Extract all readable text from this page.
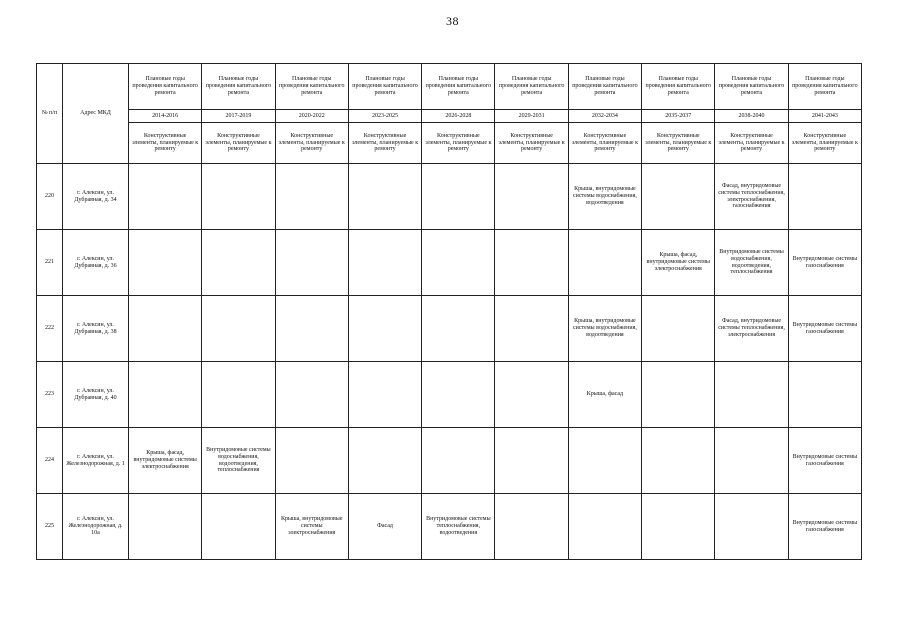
38
№ п/п	Адрес МКД	Плановые годы проведения капитального ремонта	Плановые годы проведения капитального ремонта	Плановые годы проведения капитального ремонта	Плановые годы проведения капитального ремонта	Плановые годы проведения капитального ремонта	Плановые годы проведения капитального ремонта	Плановые годы проведения капитального ремонта	Плановые годы проведения капитального ремонта	Плановые годы проведения капитального ремонта	Плановые годы проведения капитального ремонта
		2014-2016	2017-2019	2020-2022	2023-2025	2026-2028	2029-2031	2032-2034	2035-2037	2038-2040	2041-2043
		Конструктивные элементы, планируемые к ремонту	Конструктивные элементы, планируемые к ремонту	Конструктивные элементы, планируемые к ремонту	Конструктивные элементы, планируемые к ремонту	Конструктивные элементы, планируемые к ремонту	Конструктивные элементы, планируемые к ремонту	Конструктивные элементы, планируемые к ремонту	Конструктивные элементы, планируемые к ремонту	Конструктивные элементы, планируемые к ремонту	Конструктивные элементы, планируемые к ремонту
220	г. Алексин, ул. Дубравная, д. 34							Крыша, внутридомовые системы водоснабжения, водоотведения		Фасад, внутридомовые системы теплоснабжения, электроснабжения, газоснабжения	
221	г. Алексин, ул. Дубравная, д. 36								Крыша, фасад, внутридомовые системы электроснабжения	Внутридомовые системы водоснабжения, водоотведения, теплоснабжения	Внутридомовые системы газоснабжения
222	г. Алексин, ул. Дубравная, д. 38							Крыша, внутридомовые системы водоснабжения, водоотведения		Фасад, внутридомовые системы теплоснабжения, электроснабжения	Внутридомовые системы газоснабжения
223	г. Алексин, ул. Дубравная, д. 40							Крыша, фасад			
224	г. Алексин, ул. Железнодорожная, д. 1	Крыша, фасад, внутридомовые системы электроснабжения	Внутридомовые системы водоснабжения, водоотведения, теплоснабжения								Внутридомовые системы газоснабжения
225	г. Алексин, ул. Железнодорожная, д. 10а			Крыша, внутридомовые системы электроснабжения	Фасад	Внутридомовые системы теплоснабжения, водоотведения					Внутридомовые системы газоснабжения
